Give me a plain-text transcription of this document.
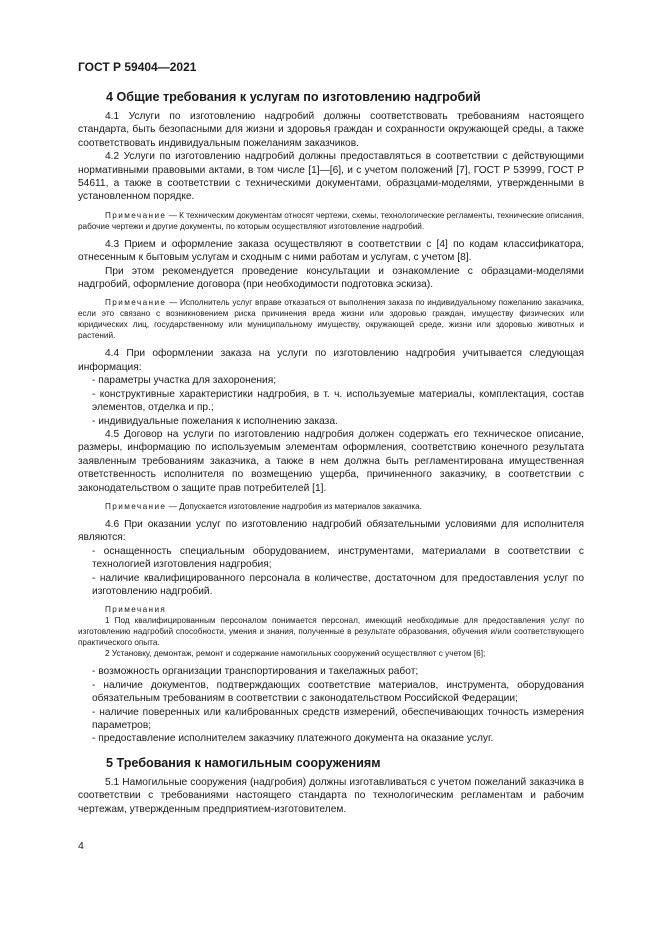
ГОСТ Р 59404—2021
4 Общие требования к услугам по изготовлению надгробий

4.1 Услуги по изготовлению надгробий должны соответствовать требованиям настоящего стандарта, быть безопасными для жизни и здоровья граждан и сохранности окружающей среды, а также соответствовать индивидуальным пожеланиям заказчиков.

4.2 Услуги по изготовлению надгробий должны предоставляться в соответствии с действующими нормативными правовыми актами, в том числе [1]—[6], и с учетом положений [7], ГОСТ Р 53999, ГОСТ Р 54611, а также в соответствии с техническими документами, образцами-моделями, утвержденными в установленном порядке.

Примечание — К техническим документам относят чертежи, схемы, технологические регламенты, технические описания, рабочие чертежи и другие документы, по которым осуществляют изготовление надгробий.

4.3 Прием и оформление заказа осуществляют в соответствии с [4] по кодам классификатора, отнесенным к бытовым услугам и сходным с ними работам и услугам, с учетом [8].

При этом рекомендуется проведение консультации и ознакомление с образцами-моделями надгробий, оформление договора (при необходимости подготовка эскиза).

Примечание — Исполнитель услуг вправе отказаться от выполнения заказа по индивидуальному пожеланию заказчика, если это связано с возникновением риска причинения вреда жизни или здоровью граждан, имуществу физических или юридических лиц, государственному или муниципальному имуществу, окружающей среде, жизни или здоровью животных и растений.

4.4 При оформлении заказа на услуги по изготовлению надгробия учитывается следующая информация:

- параметры участка для захоронения;

- конструктивные характеристики надгробия, в т. ч. используемые материалы, комплектация, состав элементов, отделка и пр.;

- индивидуальные пожелания к исполнению заказа.

4.5 Договор на услуги по изготовлению надгробия должен содержать его техническое описание, размеры, информацию по используемым элементам оформления, соответствию конечного результата заявленным требованиям заказчика, а также в нем должна быть регламентирована имущественная ответственность исполнителя по возмещению ущерба, причиненного заказчику, в соответствии с законодательством о защите прав потребителей [1].

Примечание — Допускается изготовление надгробия из материалов заказчика.

4.6 При оказании услуг по изготовлению надгробий обязательными условиями для исполнителя являются:

- оснащенность специальным оборудованием, инструментами, материалами в соответствии с технологией изготовления надгробия;

- наличие квалифицированного персонала в количестве, достаточном для предоставления услуг по изготовлению надгробий.

Примечания

1 Под квалифицированным персоналом понимается персонал, имеющий необходимые для предоставления услуг по изготовлению надгробий способности, умения и знания, полученные в результате образования, обучения и/или соответствующего практического опыта.

2 Установку, демонтаж, ремонт и содержание намогильных сооружений осуществляют с учетом [6];

- возможность организации транспортирования и такелажных работ;

- наличие документов, подтверждающих соответствие материалов, инструмента, оборудования обязательным требованиям в соответствии с законодательством Российской Федерации;

- наличие поверенных или калиброванных средств измерений, обеспечивающих точность измерения параметров;

- предоставление исполнителем заказчику платежного документа на оказание услуг.

5 Требования к намогильным сооружениям

5.1 Намогильные сооружения (надгробия) должны изготавливаться с учетом пожеланий заказчика в соответствии с требованиями настоящего стандарта по технологическим регламентам и рабочим чертежам, утвержденным предприятием-изготовителем.

4
